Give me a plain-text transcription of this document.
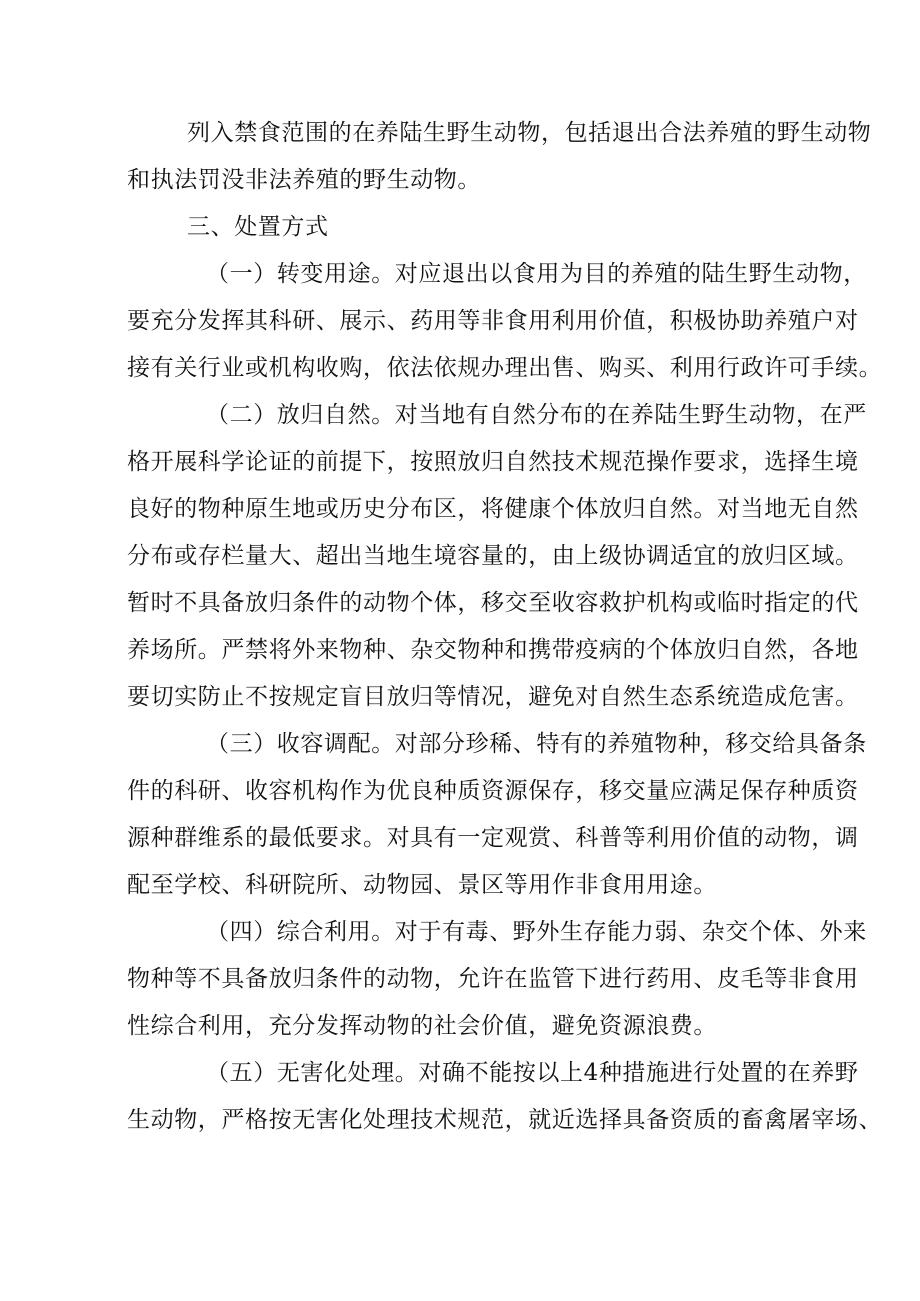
列入禁食范围的在养陆生野生动物，包括退出合法养殖的野生动物
和执法罚没非法养殖的野生动物。
三、处置方式
（一）转变用途。对应退出以食用为目的养殖的陆生野生动物，
要充分发挥其科研、展示、药用等非食用利用价值，积极协助养殖户对
接有关行业或机构收购，依法依规办理出售、购买、利用行政许可手续。
（二）放归自然。对当地有自然分布的在养陆生野生动物，在严
格开展科学论证的前提下，按照放归自然技术规范操作要求，选择生境
良好的物种原生地或历史分布区，将健康个体放归自然。对当地无自然
分布或存栏量大、超出当地生境容量的，由上级协调适宜的放归区域。
暂时不具备放归条件的动物个体，移交至收容救护机构或临时指定的代
养场所。严禁将外来物种、杂交物种和携带疫病的个体放归自然，各地
要切实防止不按规定盲目放归等情况，避免对自然生态系统造成危害。
（三）收容调配。对部分珍稀、特有的养殖物种，移交给具备条
件的科研、收容机构作为优良种质资源保存，移交量应满足保存种质资
源种群维系的最低要求。对具有一定观赏、科普等利用价值的动物，调
配至学校、科研院所、动物园、景区等用作非食用用途。
（四）综合利用。对于有毒、野外生存能力弱、杂交个体、外来
物种等不具备放归条件的动物，允许在监管下进行药用、皮毛等非食用
性综合利用，充分发挥动物的社会价值，避免资源浪费。
（五）无害化处理。对确不能按以上4种措施进行处置的在养野
生动物，严格按无害化处理技术规范，就近选择具备资质的畜禽屠宰场、
